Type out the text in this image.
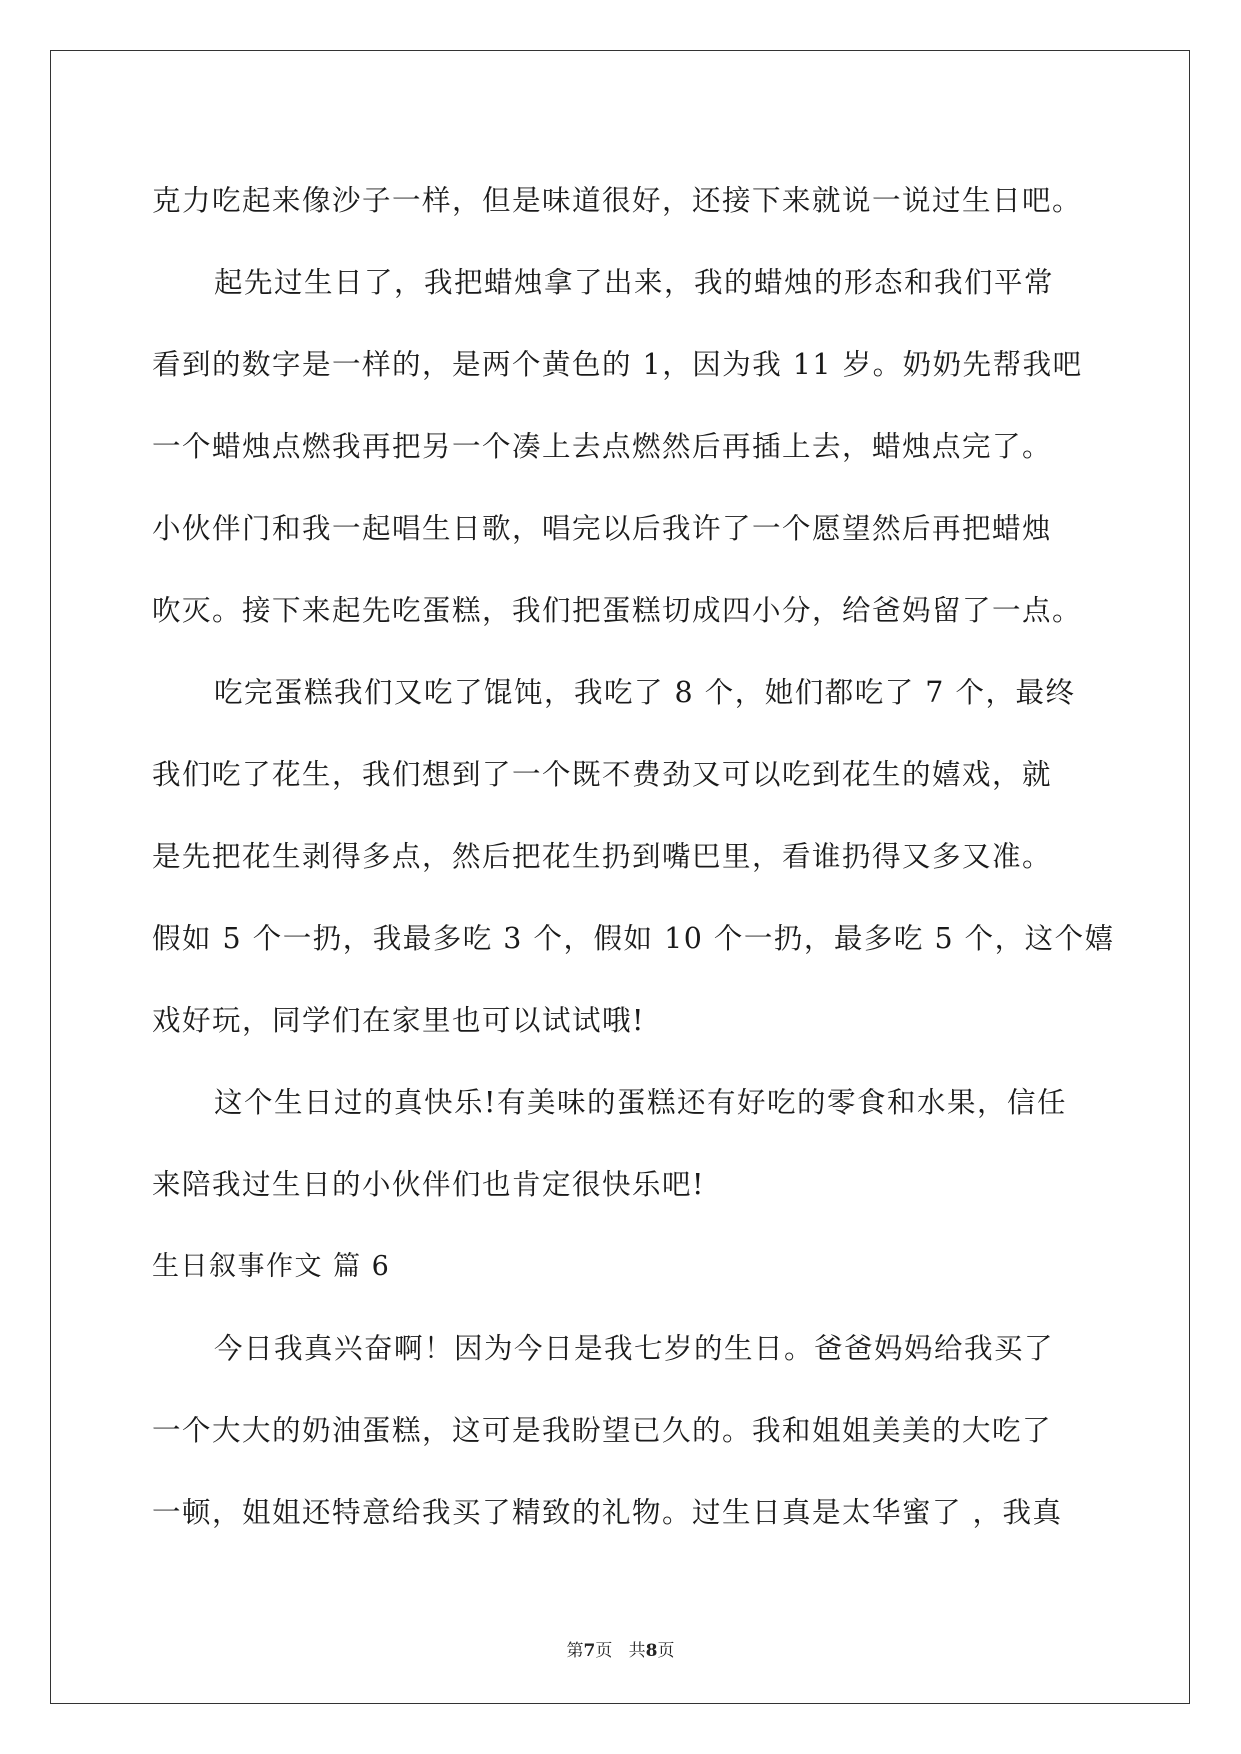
克力吃起来像沙子一样，但是味道很好，还接下来就说一说过生日吧。
起先过生日了，我把蜡烛拿了出来，我的蜡烛的形态和我们平常
看到的数字是一样的，是两个黄色的 1，因为我 11 岁。奶奶先帮我吧
一个蜡烛点燃我再把另一个凑上去点燃然后再插上去，蜡烛点完了。
小伙伴门和我一起唱生日歌，唱完以后我许了一个愿望然后再把蜡烛
吹灭。接下来起先吃蛋糕，我们把蛋糕切成四小分，给爸妈留了一点。
吃完蛋糕我们又吃了馄饨，我吃了 8 个，她们都吃了 7 个，最终
我们吃了花生，我们想到了一个既不费劲又可以吃到花生的嬉戏，就
是先把花生剥得多点，然后把花生扔到嘴巴里，看谁扔得又多又准。
假如 5 个一扔，我最多吃 3 个，假如 10 个一扔，最多吃 5 个，这个嬉
戏好玩，同学们在家里也可以试试哦!
这个生日过的真快乐!有美味的蛋糕还有好吃的零食和水果，信任
来陪我过生日的小伙伴们也肯定很快乐吧!
生日叙事作文 篇 6
今日我真兴奋啊！因为今日是我七岁的生日。爸爸妈妈给我买了
一个大大的奶油蛋糕，这可是我盼望已久的。我和姐姐美美的大吃了
一顿，姐姐还特意给我买了精致的礼物。过生日真是太华蜜了 ，我真
第7页   共8页
